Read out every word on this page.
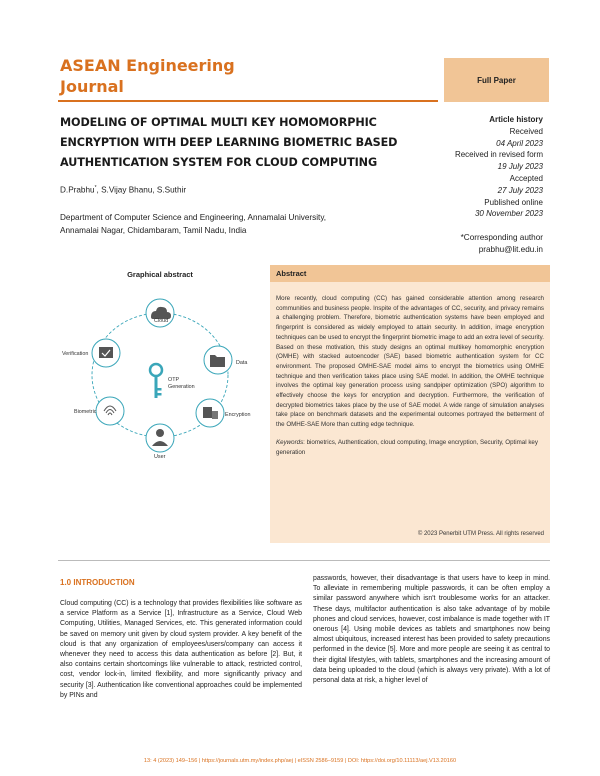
ASEAN Engineering
Journal	Full Paper
MODELING OF OPTIMAL MULTI KEY HOMOMORPHIC
ENCRYPTION WITH DEEP LEARNING BIOMETRIC BASED
AUTHENTICATION SYSTEM FOR CLOUD COMPUTING
Article history
Received
04 April 2023
Received in revised form
19 July 2023
Accepted
27 July 2023
Published online
30 November 2023
D.Prabhu*, S.Vijay Bhanu, S.Suthir
Department of Computer Science and Engineering, Annamalai University,
Annamalai Nagar, Chidambaram, Tamil Nadu, India
*Corresponding author
prabhu@lit.edu.in
Graphical abstract
Cloud
Data
Encryption
User
Biometric
Verification
OTP
Generation
Abstract
More recently, cloud computing (CC) has gained considerable attention among research communities and business people. Inspite of the advantages of CC, security, and privacy remains a challenging problem. Therefore, biometric authentication systems have been employed and fingerprint is considered as widely employed to attain security. In addition, image encryption techniques can be used to encrypt the fingerprint biometric image to add an extra level of security. Based on these motivation, this study designs an optimal multikey homomorphic encryption (OMHE) with stacked autoencoder (SAE) based biometric authentication system for CC environment. The proposed OMHE-SAE model aims to encrypt the biometrics using OMHE technique and then verification takes place using SAE model. In addition, the OMHE technique involves the optimal key generation process using sandpiper optimization (SPO) algorithm to effectively choose the keys for encryption and decryption. Furthermore, the verification of decrypted biometrics takes place by the use of SAE model. A wide range of simulation analyses take place on benchmark datasets and the experimental outcomes portrayed the betterment of the OMHE-SAE More than cutting edge technique.
Keywords: biometrics, Authentication, cloud computing, Image encryption, Security, Optimal key generation
© 2023 Penerbit UTM Press. All rights reserved
1.0 INTRODUCTION
Cloud computing (CC) is a technology that provides flexibilities like software as a service Platform as a Service [1], Infrastructure as a Service, Cloud Web Computing, Utilities, Managed Services, etc. This generated information could be saved on memory unit given by cloud system provider. A key benefit of the cloud is that any organization of employees/users/company can access it whenever they need to access this data authentication as before [2]. But, it also contains certain shortcomings like vulnerable to attack, restricted control, cost, vendor lock-in, limited flexibility, and more significantly privacy and security [3]. Authentication like conventional approaches could be implemented by PINs and
passwords, however, their disadvantage is that users have to keep in mind. To alleviate in remembering multiple passwords, it can be often employ a similar password anywhere which isn't troublesome works for an attacker. These days, multifactor authentication is also take advantage of by mobile phones and cloud services, however, cost imbalance is made together with IT onerous [4]. Using mobile devices as tablets and smartphones now being almost ubiquitous, increased interest has been provided to safety precautions performed in the device [5]. More and more people are seeing it as central to their digital lifestyles, with tablets, smartphones and the increasing amount of data being uploaded to the cloud (which is always very private). With a lot of personal data at risk, a higher level of
13: 4 (2023) 149–156 | https://journals.utm.my/index.php/aej | eISSN 2586–9159 | DOI: https://doi.org/10.11113/aej.V13.20160
